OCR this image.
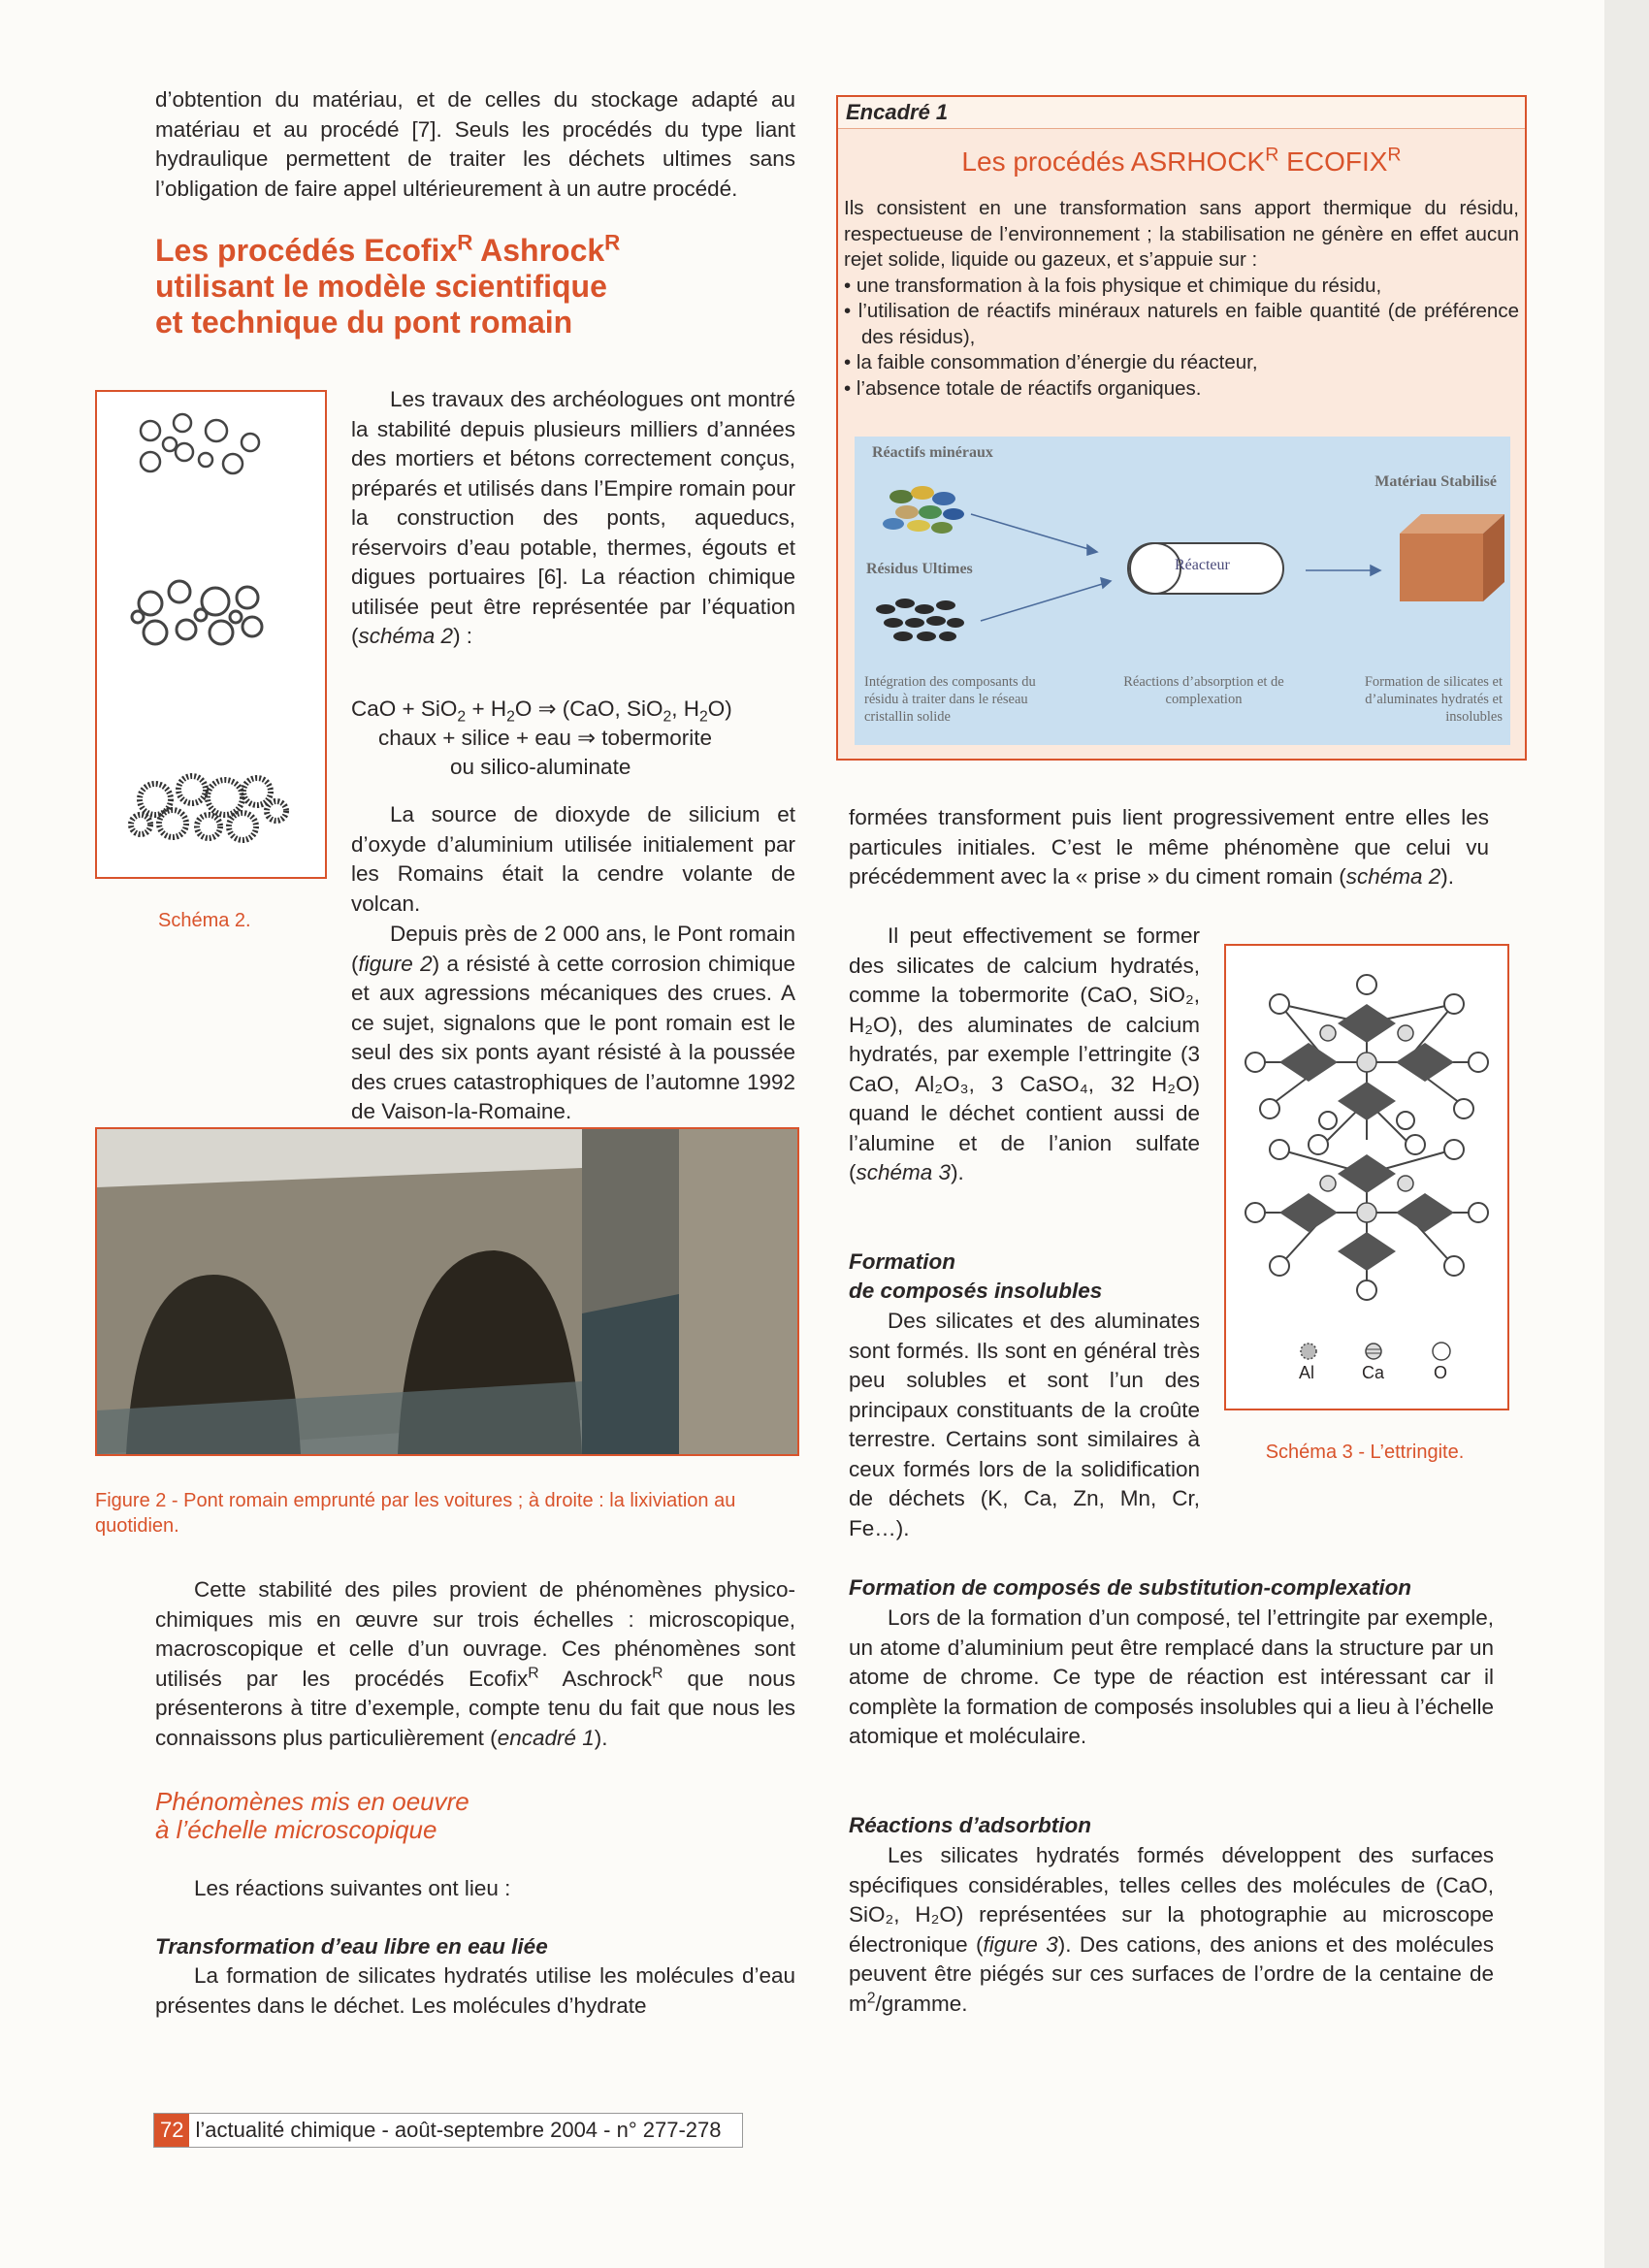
d’obtention du matériau, et de celles du stockage adapté au matériau et au procédé [7]. Seuls les procédés du type liant hydraulique permettent de traiter les déchets ultimes sans l’obligation de faire appel ultérieurement à un autre procédé.

Les procédés Ecofix$^R$ Ashrock$^R$

utilisant le modèle scientifique

et technique du pont romain

Schéma 2.

Les travaux des archéologues ont montré la stabilité depuis plusieurs milliers d’années des mortiers et bétons correctement conçus, préparés et utilisés dans l’Empire romain pour la construction des ponts, aqueducs, réservoirs d’eau potable, thermes, égouts et digues portuaires [6]. La réaction chimique utilisée peut être représentée par l’équation (schéma 2) :

CaO + $SiO_2 + H_2O$ ⇒ (CaO, SiO$_2$, $H_2O$)
chaux + silice + eau ⇒ tobermorite
ou silico-aluminate

La source de dioxyde de silicium et d’oxyde d’aluminium utilisée initialement par les Romains était la cendre volante de volcan.

Depuis près de 2 000 ans, le Pont romain (figure 2) a résisté à cette corrosion chimique et aux agressions mécaniques des crues. A ce sujet, signalons que le pont romain est le seul des six ponts ayant résisté à la poussée des crues catastrophiques de l’automne 1992 de Vaison-la-Romaine.

Figure 2 - Pont romain emprunté par les voitures ; à droite : la lixiviation au quotidien.

Cette stabilité des piles provient de phénomènes physico-chimiques mis en œuvre sur trois échelles : microscopique, macroscopique et celle d’un ouvrage. Ces phénomènes sont utilisés par les procédés Ecofix$^R$ Aschrock$^R$ que nous présenterons à titre d’exemple, compte tenu du fait que nous les connaissons plus particulièrement (encadré 1).

Phénomènes mis en oeuvre

à l’échelle microscopique

Les réactions suivantes ont lieu :

Transformation d’eau libre en eau liée

La formation de silicates hydratés utilise les molécules d’eau présentes dans le déchet. Les molécules d’hydrate

Encadré 1

Les procédés $ASRHOCK^R$ $ECOFIX^R$

Ils consistent en une transformation sans apport thermique du résidu, respectueuse de l’environnement ; la stabilisation ne génère en effet aucun rejet solide, liquide ou gazeux, et s’appuie sur :
• une transformation à la fois physique et chimique du résidu,
• l’utilisation de réactifs minéraux naturels en faible quantité (de préférence des résidus),
• la faible consommation d’énergie du réacteur,
• l’absence totale de réactifs organiques.

Réactifs minéraux

Résidus Ultimes

Matériau Stabilisé

Réacteur

Intégration des composants du résidu à traiter dans le réseau cristallin solide

Réactions d’absorption et de complexation

Formation de silicates et d’aluminates hydratés et insolubles

formées transforment puis lient progressivement entre elles les particules initiales. C’est le même phénomène que celui vu précédemment avec la « prise » du ciment romain (schéma 2).

Il peut effectivement se former des silicates de calcium hydratés, comme la tobermorite (CaO, SiO₂, H₂O), des aluminates de calcium hydratés, par exemple l’ettringite (3 CaO, Al₂O₃, 3 CaSO₄, 32 H₂O) quand le déchet contient aussi de l’alumine et de l’anion sulfate (schéma 3).

Al	Ca	O

Schéma 3 - L’ettringite.

Formation

de composés insolubles

Des silicates et des aluminates sont formés. Ils sont en général très peu solubles et sont l’un des principaux constituants de la croûte terrestre. Certains sont similaires à ceux formés lors de la solidification de déchets (K, Ca, Zn, Mn, Cr, Fe…).

Formation de composés de substitution-complexation

Lors de la formation d’un composé, tel l’ettringite par exemple, un atome d’aluminium peut être remplacé dans la structure par un atome de chrome. Ce type de réaction est intéressant car il complète la formation de composés insolubles qui a lieu à l’échelle atomique et moléculaire.

Réactions d’adsorbtion

Les silicates hydratés formés développent des surfaces spécifiques considérables, telles celles des molécules de (CaO, SiO₂, H₂O) représentées sur la photographie au microscope électronique (figure 3). Des cations, des anions et des molécules peuvent être piégés sur ces surfaces de l’ordre de la centaine de $m^2$/gramme.

72 l’actualité chimique - août-septembre 2004 - n° 277-278
